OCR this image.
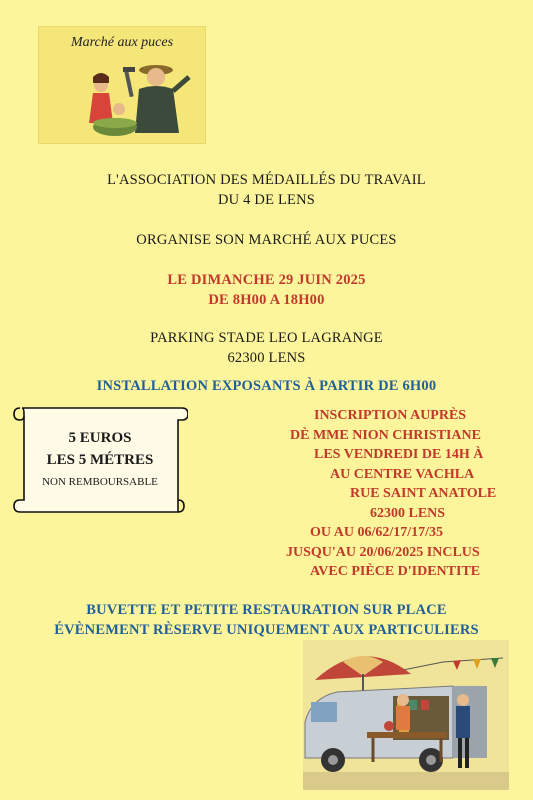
Marché aux puces
L'ASSOCIATION DES MÉDAILLÉS DU TRAVAIL
DU 4 DE LENS
ORGANISE SON MARCHÉ AUX PUCES
LE DIMANCHE 29 JUIN 2025
DE 8H00 A 18H00
PARKING STADE LEO LAGRANGE
62300 LENS
INSTALLATION EXPOSANTS À PARTIR DE 6H00
5 EUROS
LES 5 MÉTRES
NON REMBOURSABLE
INSCRIPTION AUPRÈS
DÈ MME NION CHRISTIANE
LES VENDREDI DE 14H À
AU CENTRE VACHLA
RUE SAINT ANATOLE
62300 LENS
OU AU 06/62/17/17/35
JUSQU'AU 20/06/2025 INCLUS
AVEC PIÈCE D'IDENTITE
BUVETTE ET PETITE RESTAURATION SUR PLACE
ÉVÈNEMENT RÈSERVE UNIQUEMENT AUX PARTICULIERS
